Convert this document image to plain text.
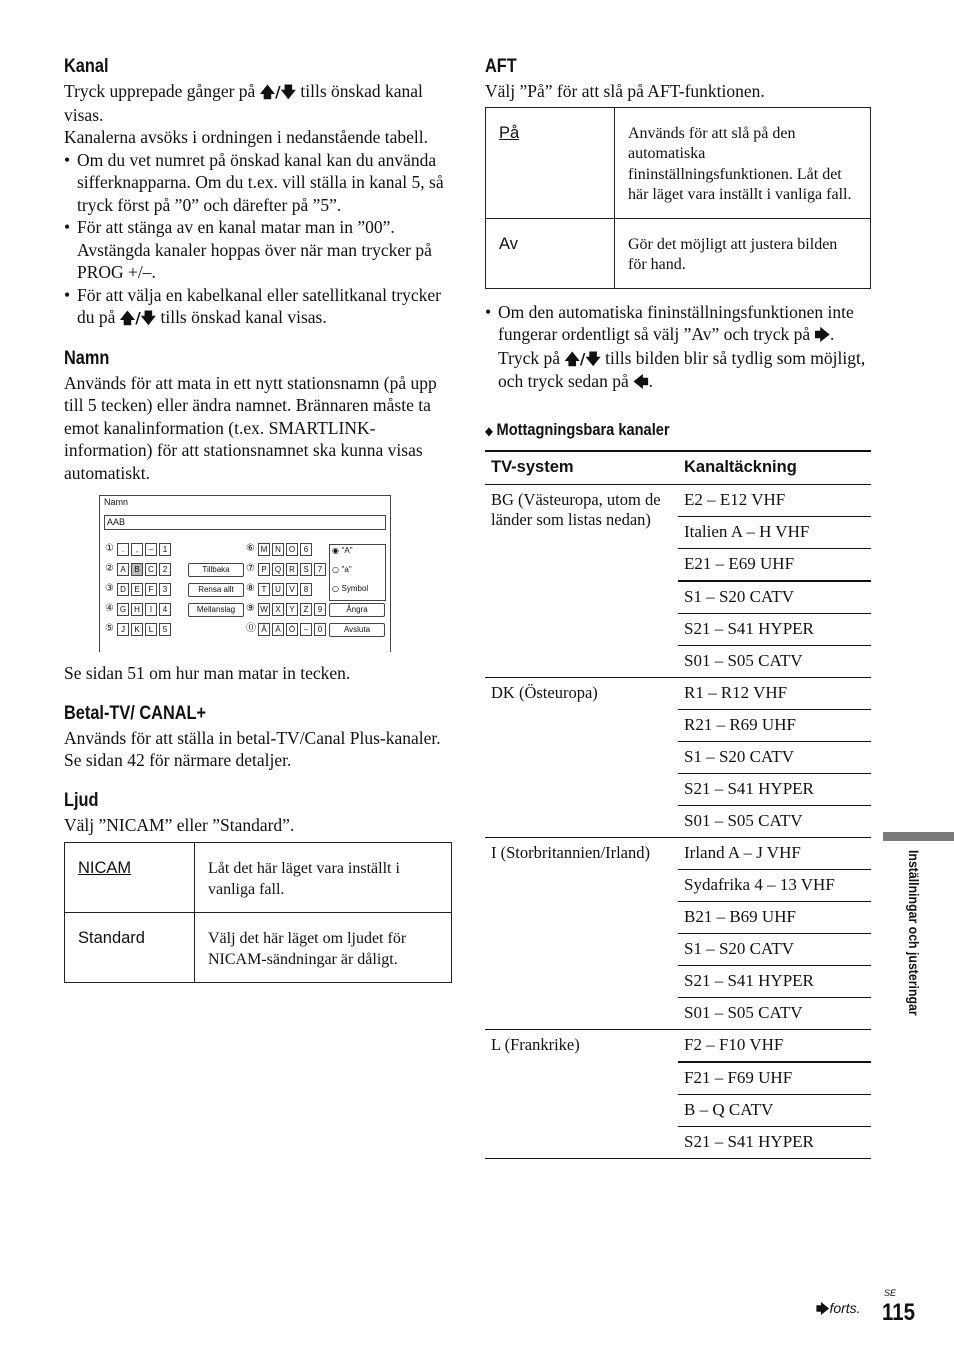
Kanal

Tryck upprepade gånger på 🡅/🡇 tills önskad kanal visas.

Kanalerna avsöks i ordningen i nedanstående tabell.

• Om du vet numret på önskad kanal kan du använda sifferknapparna. Om du t.ex. vill ställa in kanal 5, så tryck först på ”0” och därefter på ”5”.
• För att stänga av en kanal matar man in ”00”. Avstängda kanaler hoppas över när man trycker på PROG +/–.
• För att välja en kabelkanal eller satellitkanal trycker du på 🡅/🡇 tills önskad kanal visas.
Namn

Används för att mata in ett nytt stationsnamn (på upp till 5 tecken) eller ändra namnet. Brännaren måste ta emot kanalinformation (t.ex. SMARTLINK-information) för att stationsnamnet ska kunna visas automatiskt.

Namn
AAB
① .	,	–	1
② A	B	C	2
③ D	E	F	3
④ G	H	I	4
⑤ J	K	L	5
⑥ M N O	6
⑦ P	Q	R	S	7
⑧ T	U	V	8
⑨ W X	Y	Z	9
⓪ Å	Ä	Ö	–	0
Tillbaka
Rensa allt
Mellanslag
◉ "A"
○ "a"
○ Symbol
Ångra
Avsluta

Se sidan 51 om hur man matar in tecken.

Betal-TV/ CANAL+

Används för att ställa in betal-TV/Canal Plus-kanaler.

Se sidan 42 för närmare detaljer.

Ljud

Välj ”NICAM” eller ”Standard”.

NICAM	Låt det här läget vara inställt i vanliga fall.
Standard	Välj det här läget om ljudet för NICAM-sändningar är dåligt.
AFT

Välj ”På” för att slå på AFT-funktionen.

På	Används för att slå på den automatiska fininställningsfunktionen. Låt det här läget vara inställt i vanliga fall.
Av	Gör det möjligt att justera bilden för hand.
• Om den automatiska fininställningsfunktionen inte fungerar ordentligt så välj ”Av” och tryck på 🡆. Tryck på 🡅/🡇 tills bilden blir så tydlig som möjligt, och tryck sedan på 🡄.
◆ Mottagningsbara kanaler
TV-system	Kanaltäckning
BG (Västeuropa, utom de länder som listas nedan)	E2 – E12 VHF
	Italien A – H VHF
	E21 – E69 UHF
	S1 – S20 CATV
	S21 – S41 HYPER
	S01 – S05 CATV
DK (Östeuropa)	R1 – R12 VHF
	R21 – R69 UHF
	S1 – S20 CATV
	S21 – S41 HYPER
	S01 – S05 CATV
I (Storbritannien/Irland)	Irland A – J VHF
	Sydafrika 4 – 13 VHF
	B21 – B69 UHF
	S1 – S20 CATV
	S21 – S41 HYPER
	S01 – S05 CATV
L (Frankrike)	F2 – F10 VHF
	F21 – F69 UHF
	B – Q CATV
	S21 – S41 HYPER
Inställningar och justeringar
🡆forts.
SE
115
